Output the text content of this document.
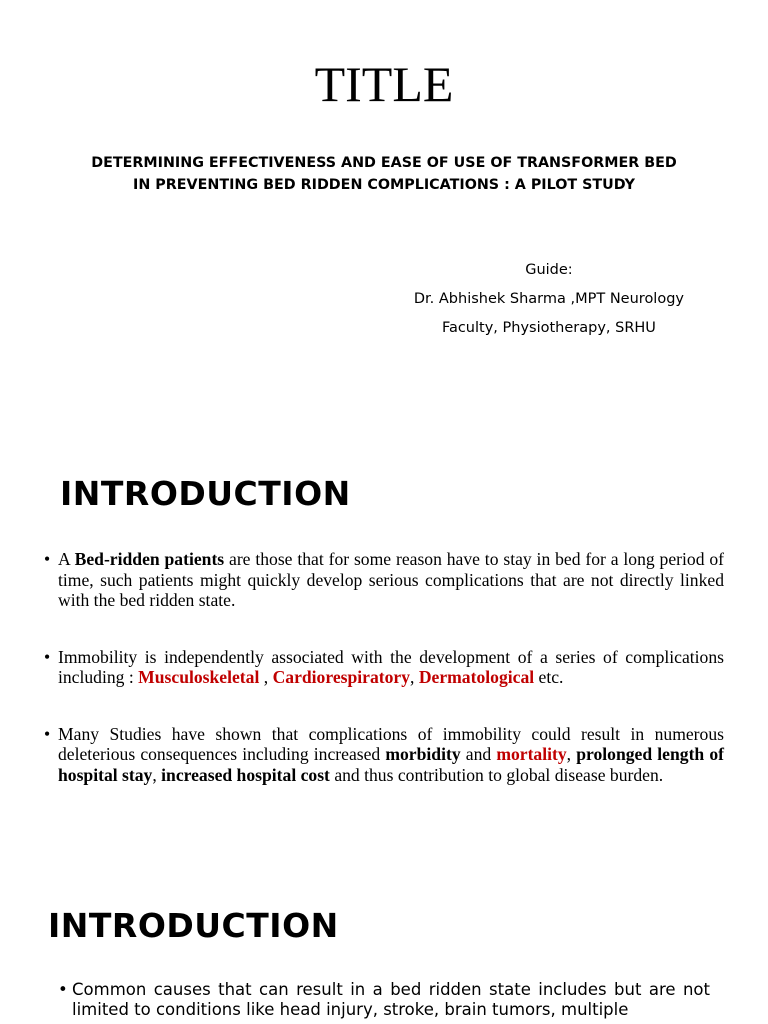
TITLE
DETERMINING EFFECTIVENESS AND EASE OF USE OF TRANSFORMER BED
IN PREVENTING BED RIDDEN COMPLICATIONS : A PILOT STUDY
Guide:
Dr. Abhishek Sharma ,MPT Neurology
Faculty, Physiotherapy, SRHU
INTRODUCTION
• A Bed-ridden patients are those that for some reason have to stay in bed for a long period of time, such patients might quickly develop serious complications that are not directly linked with the bed ridden state.
• Immobility is independently associated with the development of a series of complications including : Musculoskeletal , Cardiorespiratory, Dermatological etc.
• Many Studies have shown that complications of immobility could result in numerous deleterious consequences including increased morbidity and mortality, prolonged length of hospital stay, increased hospital cost and thus contribution to global disease burden.
INTRODUCTION
• Common causes that can result in a bed ridden state includes but are not limited to conditions like head injury, stroke, brain tumors, multiple
